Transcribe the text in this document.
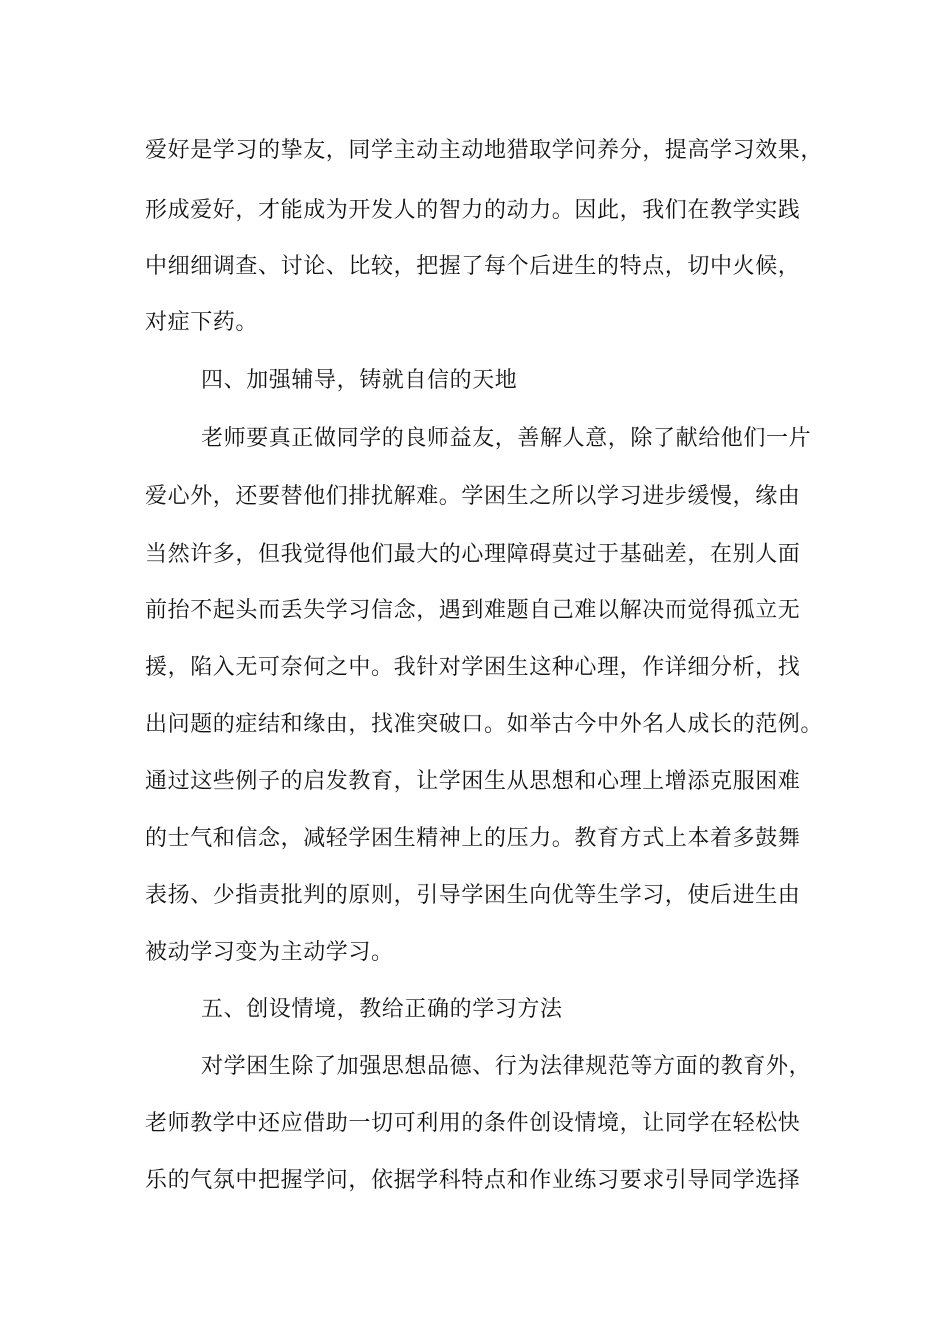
爱好是学习的挚友，同学主动主动地猎取学问养分，提高学习效果，
形成爱好，才能成为开发人的智力的动力。因此，我们在教学实践
中细细调查、讨论、比较，把握了每个后进生的特点，切中火候，
对症下药。
四、加强辅导，铸就自信的天地
老师要真正做同学的良师益友，善解人意，除了献给他们一片
爱心外，还要替他们排扰解难。学困生之所以学习进步缓慢，缘由
当然许多，但我觉得他们最大的心理障碍莫过于基础差，在别人面
前抬不起头而丢失学习信念，遇到难题自己难以解决而觉得孤立无
援，陷入无可奈何之中。我针对学困生这种心理，作详细分析，找
出问题的症结和缘由，找准突破口。如举古今中外名人成长的范例。
通过这些例子的启发教育，让学困生从思想和心理上增添克服困难
的士气和信念，减轻学困生精神上的压力。教育方式上本着多鼓舞
表扬、少指责批判的原则，引导学困生向优等生学习，使后进生由
被动学习变为主动学习。
五、创设情境，教给正确的学习方法
对学困生除了加强思想品德、行为法律规范等方面的教育外，
老师教学中还应借助一切可利用的条件创设情境，让同学在轻松快
乐的气氛中把握学问，依据学科特点和作业练习要求引导同学选择
